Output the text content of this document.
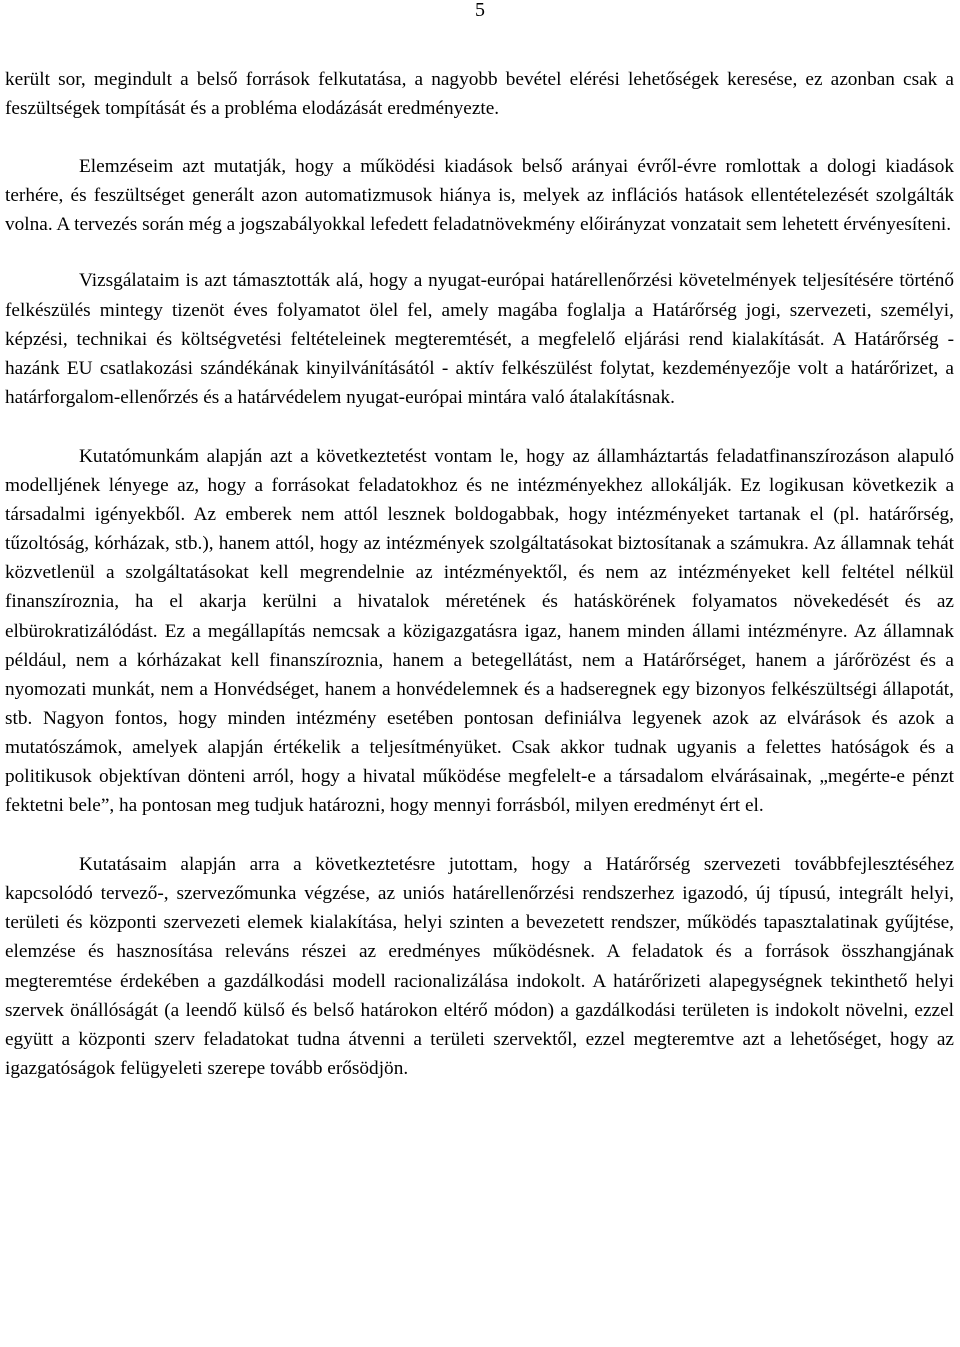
5

került sor, megindult a belső források felkutatása, a nagyobb bevétel elérési lehetőségek keresése, ez azonban csak a feszültségek tompítását és a probléma elodázását eredményezte.

Elemzéseim azt mutatják, hogy a működési kiadások belső arányai évről-évre romlottak a dologi kiadások terhére, és feszültséget generált azon automatizmusok hiánya is, melyek az inflációs hatások ellentételezését szolgálták volna. A tervezés során még a jogszabályokkal lefedett feladatnövekmény előirányzat vonzatait sem lehetett érvényesíteni.

Vizsgálataim is azt támasztották alá, hogy a nyugat-európai határellenőrzési követelmények teljesítésére történő felkészülés mintegy tizenöt éves folyamatot ölel fel, amely magába foglalja a Határőrség jogi, szervezeti, személyi, képzési, technikai és költségvetési feltételeinek megteremtését, a megfelelő eljárási rend kialakítását. A Határőrség - hazánk EU csatlakozási szándékának kinyilvánításától - aktív felkészülést folytat, kezdeményezője volt a határőrizet, a határforgalom-ellenőrzés és a határvédelem nyugat-európai mintára való átalakításnak.

Kutatómunkám alapján azt a következtetést vontam le, hogy az államháztartás feladatfinanszírozáson alapuló modelljének lényege az, hogy a forrásokat feladatokhoz és ne intézményekhez allokálják. Ez logikusan következik a társadalmi igényekből. Az emberek nem attól lesznek boldogabbak, hogy intézményeket tartanak el (pl. határőrség, tűzoltóság, kórházak, stb.), hanem attól, hogy az intézmények szolgáltatásokat biztosítanak a számukra. Az államnak tehát közvetlenül a szolgáltatásokat kell megrendelnie az intézményektől, és nem az intézményeket kell feltétel nélkül finanszíroznia, ha el akarja kerülni a hivatalok méretének és hatáskörének folyamatos növekedését és az elbürokratizálódást. Ez a megállapítás nemcsak a közigazgatásra igaz, hanem minden állami intézményre. Az államnak például, nem a kórházakat kell finanszíroznia, hanem a betegellátást, nem a Határőrséget, hanem a járőrözést és a nyomozati munkát, nem a Honvédséget, hanem a honvédelemnek és a hadseregnek egy bizonyos felkészültségi állapotát, stb. Nagyon fontos, hogy minden intézmény esetében pontosan definiálva legyenek azok az elvárások és azok a mutatószámok, amelyek alapján értékelik a teljesítményüket. Csak akkor tudnak ugyanis a felettes hatóságok és a politikusok objektívan dönteni arról, hogy a hivatal működése megfelelt-e a társadalom elvárásainak, „megérte-e pénzt fektetni bele”, ha pontosan meg tudjuk határozni, hogy mennyi forrásból, milyen eredményt ért el.

Kutatásaim alapján arra a következtetésre jutottam, hogy a Határőrség szervezeti továbbfejlesztéséhez kapcsolódó tervező-, szervezőmunka végzése, az uniós határellenőrzési rendszerhez igazodó, új típusú, integrált helyi, területi és központi szervezeti elemek kialakítása, helyi szinten a bevezetett rendszer, működés tapasztalatinak gyűjtése, elemzése és hasznosítása releváns részei az eredményes működésnek. A feladatok és a források összhangjának megteremtése érdekében a gazdálkodási modell racionalizálása indokolt. A határőrizeti alapegységnek tekinthető helyi szervek önállóságát (a leendő külső és belső határokon eltérő módon) a gazdálkodási területen is indokolt növelni, ezzel együtt a központi szerv feladatokat tudna átvenni a területi szervektől, ezzel megteremtve azt a lehetőséget, hogy az igazgatóságok felügyeleti szerepe tovább erősödjön.
